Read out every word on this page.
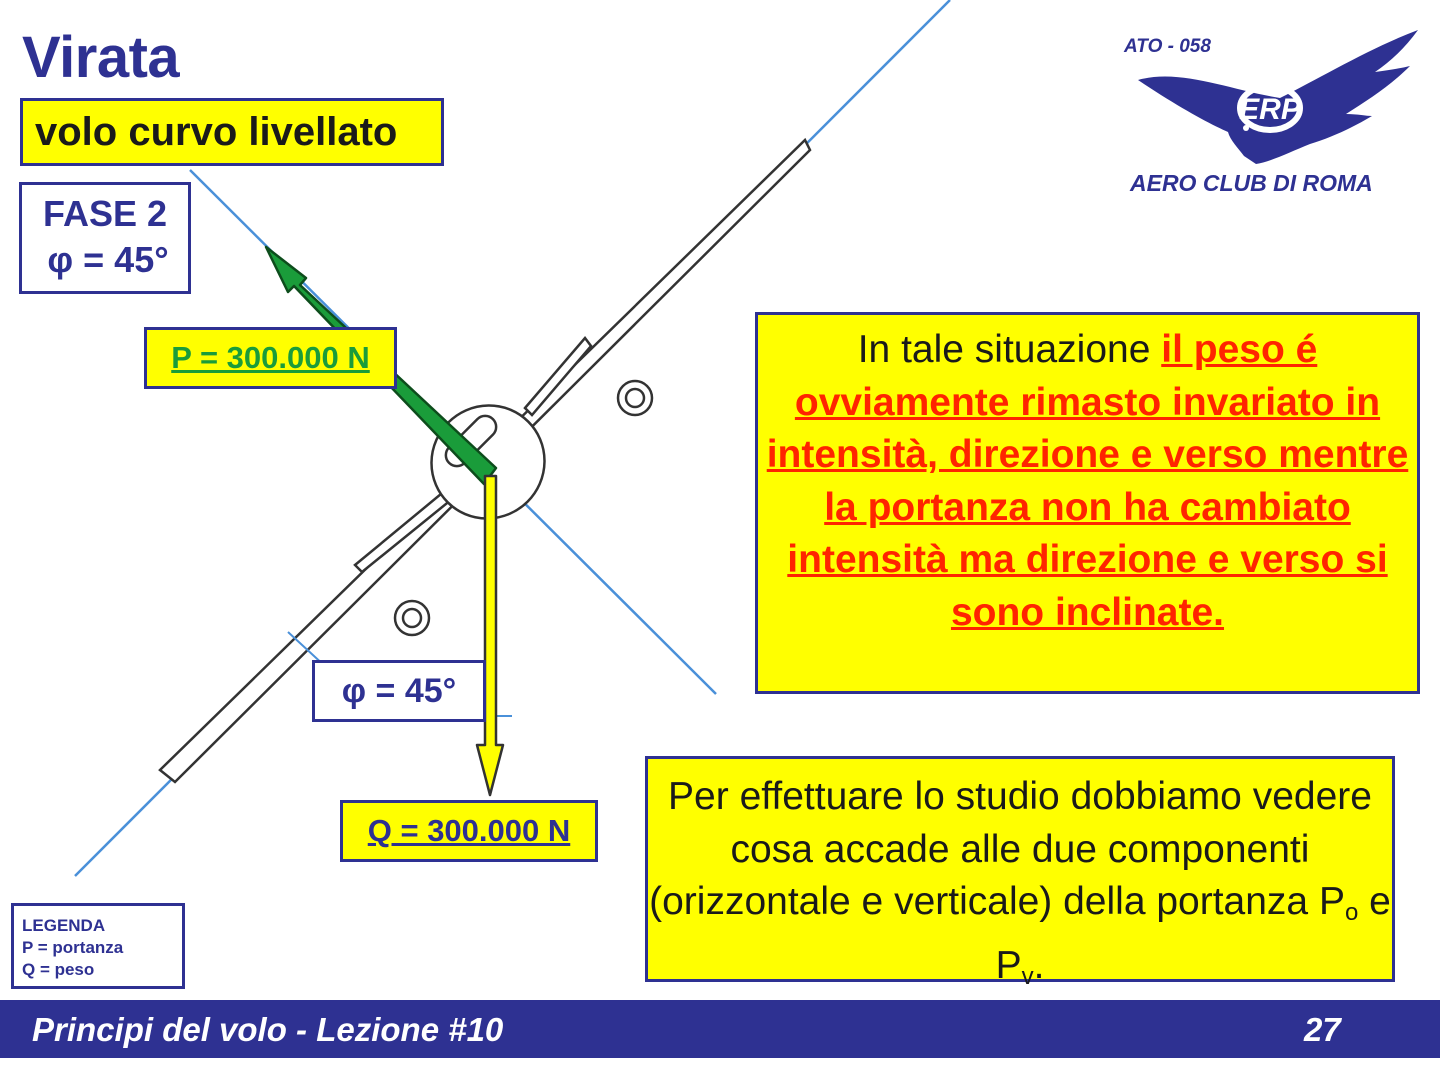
Virata
volo curvo livellato
FASE 2
φ = 45°
P = 300.000 N
φ = 45°
Q = 300.000 N
In tale situazione il peso é ovviamente rimasto invariato in intensità, direzione e verso mentre la portanza non ha cambiato intensità ma direzione e verso si sono inclinate.
Per effettuare lo studio dobbiamo vedere cosa accade alle due componenti (orizzontale e verticale) della portanza $P_o$ e $P_v$.
LEGENDA
P = portanza
Q = peso
ERP
ATO - 058
AERO CLUB DI ROMA
Principi del volo - Lezione #10	27
